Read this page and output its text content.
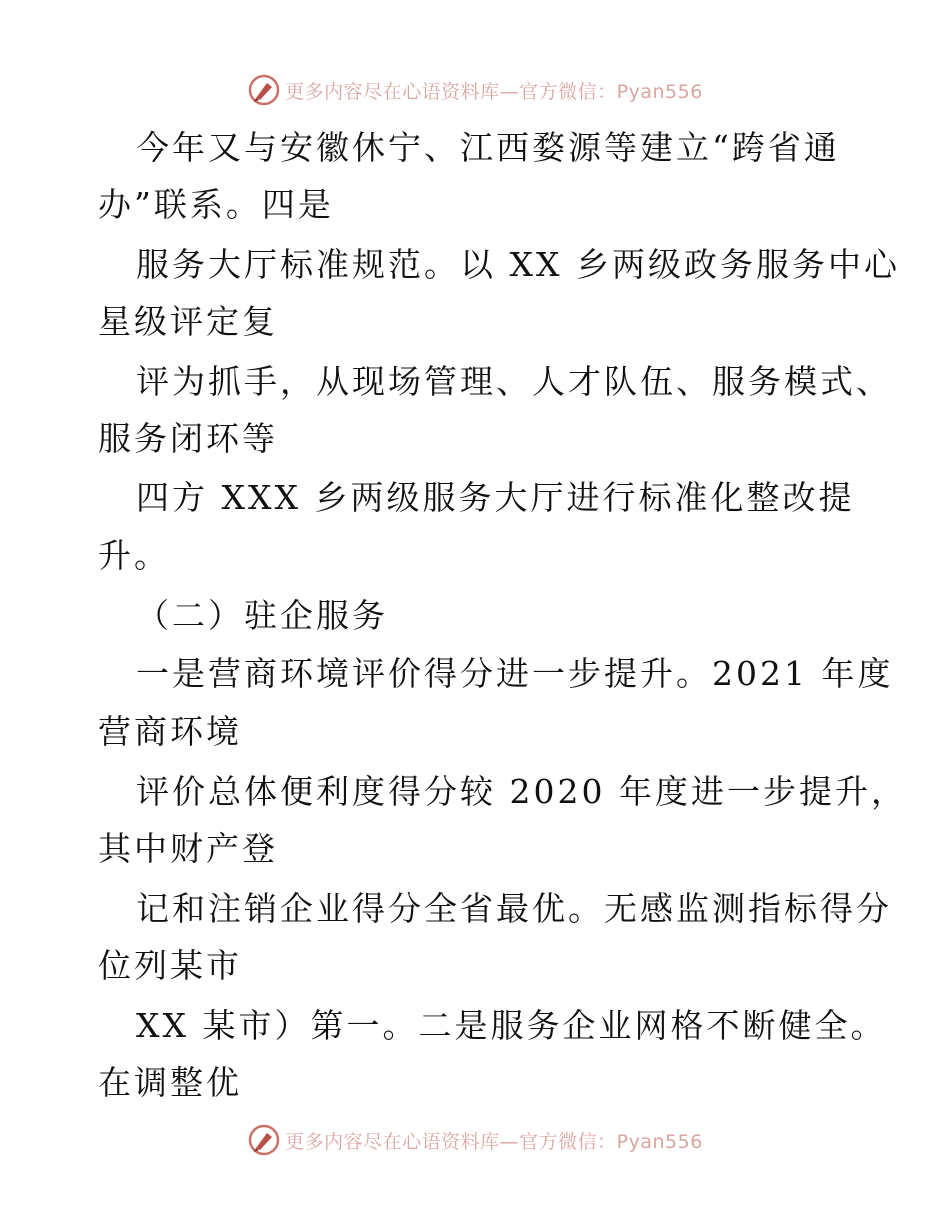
更多内容尽在心语资料库—官方微信：Pyan556
今年又与安徽休宁、江西婺源等建立“跨省通
办”联系。四是
服务大厅标准规范。以 XX 乡两级政务服务中心
星级评定复
评为抓手，从现场管理、人才队伍、服务模式、
服务闭环等
四方 XXX 乡两级服务大厅进行标准化整改提
升。
（二）驻企服务
一是营商环境评价得分进一步提升。2021 年度
营商环境
评价总体便利度得分较 2020 年度进一步提升，
其中财产登
记和注销企业得分全省最优。无感监测指标得分
位列某市
XX 某市）第一。二是服务企业网格不断健全。
在调整优
更多内容尽在心语资料库—官方微信：Pyan556
